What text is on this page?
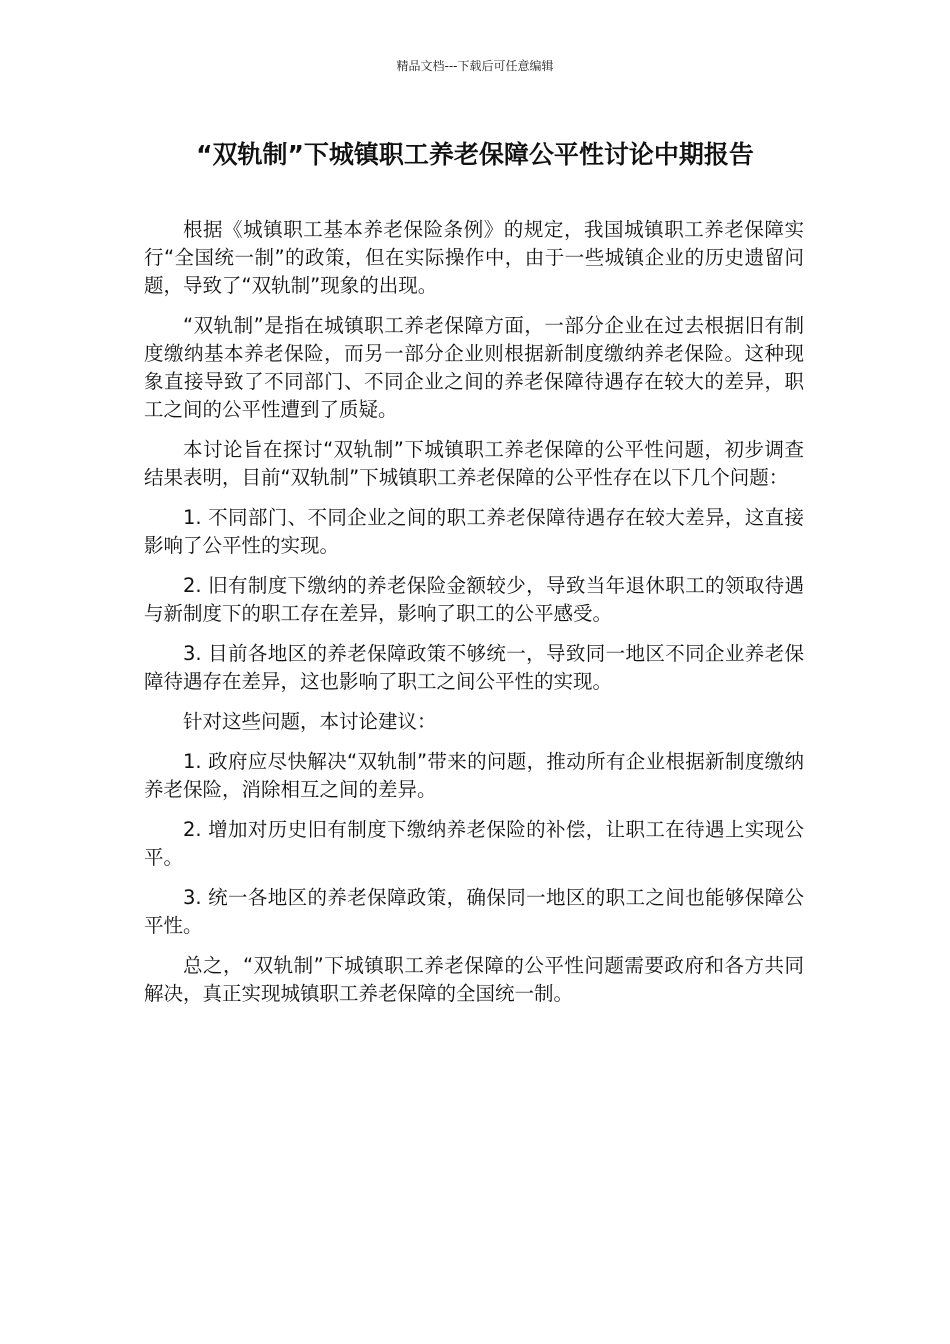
精品文档---下载后可任意编辑
“双轨制”下城镇职工养老保障公平性讨论中期报告

根据《城镇职工基本养老保险条例》的规定，我国城镇职工养老保障实行“全国统一制”的政策，但在实际操作中，由于一些城镇企业的历史遗留问题，导致了“双轨制”现象的出现。

“双轨制”是指在城镇职工养老保障方面，一部分企业在过去根据旧有制度缴纳基本养老保险，而另一部分企业则根据新制度缴纳养老保险。这种现象直接导致了不同部门、不同企业之间的养老保障待遇存在较大的差异，职工之间的公平性遭到了质疑。

本讨论旨在探讨“双轨制”下城镇职工养老保障的公平性问题，初步调查结果表明，目前“双轨制”下城镇职工养老保障的公平性存在以下几个问题：

1. 不同部门、不同企业之间的职工养老保障待遇存在较大差异，这直接影响了公平性的实现。

2. 旧有制度下缴纳的养老保险金额较少，导致当年退休职工的领取待遇与新制度下的职工存在差异，影响了职工的公平感受。

3. 目前各地区的养老保障政策不够统一，导致同一地区不同企业养老保障待遇存在差异，这也影响了职工之间公平性的实现。

针对这些问题，本讨论建议：

1. 政府应尽快解决“双轨制”带来的问题，推动所有企业根据新制度缴纳养老保险，消除相互之间的差异。

2. 增加对历史旧有制度下缴纳养老保险的补偿，让职工在待遇上实现公平。

3. 统一各地区的养老保障政策，确保同一地区的职工之间也能够保障公平性。

总之，“双轨制”下城镇职工养老保障的公平性问题需要政府和各方共同解决，真正实现城镇职工养老保障的全国统一制。
